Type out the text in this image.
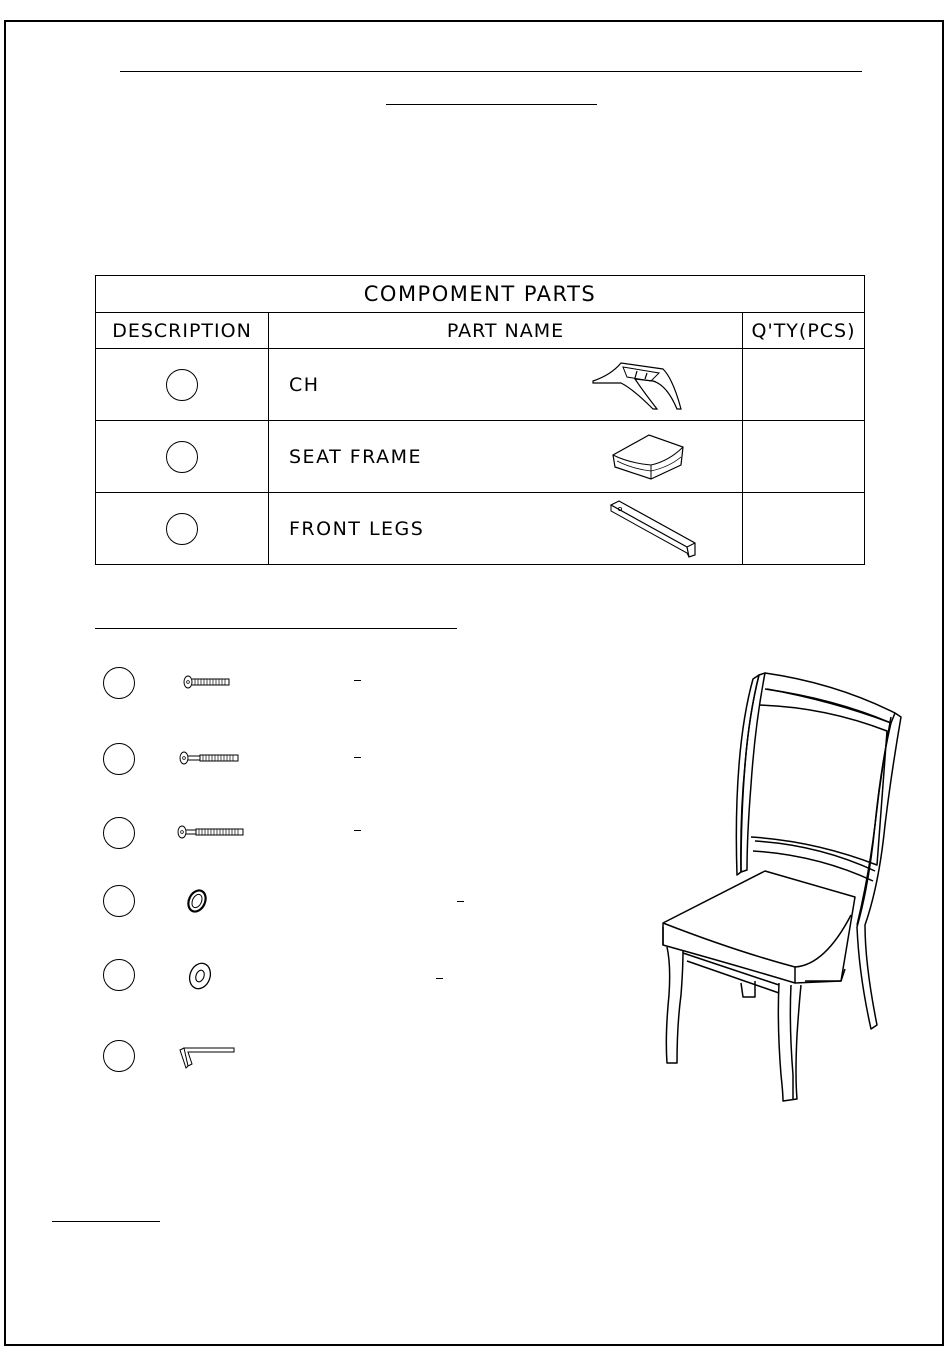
COMPOMENT PARTS		
DESCRIPTION	PART NAME	Q'TY(PCS)

	CH	

	SEAT FRAME	

	FRONT LEGS	
